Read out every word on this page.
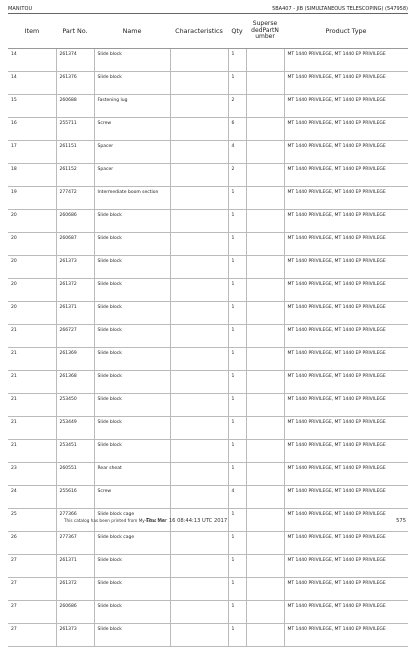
MANITOU	5BA407 - JIB (SIMULTANEOUS TELESCOPING) (547958)
Item	Part No.	Name	Characteristics	Qty	Superse
dedPartN
umber	Product Type
14	261374	Slide block		1		MT 1440 PRIVILEGE, MT 1440 EP PRIVILEGE
14	261376	Slide block		1		MT 1440 PRIVILEGE, MT 1440 EP PRIVILEGE
15	260688	Fastening lug		2		MT 1440 PRIVILEGE, MT 1440 EP PRIVILEGE
16	255711	Screw		6		MT 1440 PRIVILEGE, MT 1440 EP PRIVILEGE
17	261151	Spacer		4		MT 1440 PRIVILEGE, MT 1440 EP PRIVILEGE
18	261152	Spacer		2		MT 1440 PRIVILEGE, MT 1440 EP PRIVILEGE
19	277472	Intermediate boom section		1		MT 1440 PRIVILEGE, MT 1440 EP PRIVILEGE
20	260686	Slide block		1		MT 1440 PRIVILEGE, MT 1440 EP PRIVILEGE
20	260687	Slide block		1		MT 1440 PRIVILEGE, MT 1440 EP PRIVILEGE
20	261373	Slide block		1		MT 1440 PRIVILEGE, MT 1440 EP PRIVILEGE
20	261372	Slide block		1		MT 1440 PRIVILEGE, MT 1440 EP PRIVILEGE
20	261371	Slide block		1		MT 1440 PRIVILEGE, MT 1440 EP PRIVILEGE
21	266727	Slide block		1		MT 1440 PRIVILEGE, MT 1440 EP PRIVILEGE
21	261369	Slide block		1		MT 1440 PRIVILEGE, MT 1440 EP PRIVILEGE
21	261368	Slide block		1		MT 1440 PRIVILEGE, MT 1440 EP PRIVILEGE
21	253450	Slide block		1		MT 1440 PRIVILEGE, MT 1440 EP PRIVILEGE
21	253449	Slide block		1		MT 1440 PRIVILEGE, MT 1440 EP PRIVILEGE
21	253451	Slide block		1		MT 1440 PRIVILEGE, MT 1440 EP PRIVILEGE
23	260551	Rear sheat		1		MT 1440 PRIVILEGE, MT 1440 EP PRIVILEGE
24	255616	Screw		4		MT 1440 PRIVILEGE, MT 1440 EP PRIVILEGE
25	277366	Slide block cage		1		MT 1440 PRIVILEGE, MT 1440 EP PRIVILEGE
26	277367	Slide block cage		1		MT 1440 PRIVILEGE, MT 1440 EP PRIVILEGE
27	261371	Slide block		1		MT 1440 PRIVILEGE, MT 1440 EP PRIVILEGE
27	261372	Slide block		1		MT 1440 PRIVILEGE, MT 1440 EP PRIVILEGE
27	260686	Slide block		1		MT 1440 PRIVILEGE, MT 1440 EP PRIVILEGE
27	261373	Slide block		1		MT 1440 PRIVILEGE, MT 1440 EP PRIVILEGE
This catalog has been printed from My-Edoc the
Thu Mar 16 08:44:13 UTC 2017	575
